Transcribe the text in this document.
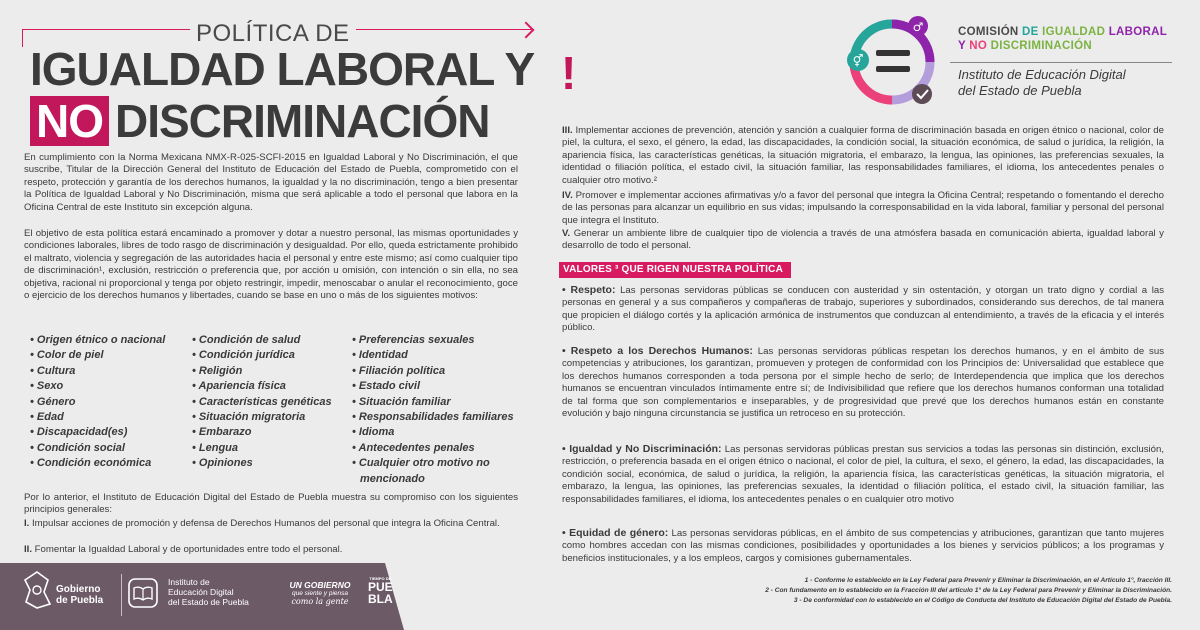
POLÍTICA DE
IGUALDAD LABORAL Y
NO DISCRIMINACIÓN
!	⚥
♂	COMISIÓN DE IGUALDAD LABORAL
Y NO DISCRIMINACIÓN
Instituto de Educación Digital
del Estado de Puebla
En cumplimiento con la Norma Mexicana NMX-R-025-SCFI-2015 en Igualdad Laboral y No Discriminación, el que suscribe, Titular de la Dirección General del Instituto de Educación del Estado de Puebla, comprometido con el respeto, protección y garantía de los derechos humanos, la igualdad y la no discriminación, tengo a bien presentar la Política de Igualdad Laboral y No Discriminación, misma que será aplicable a todo el personal que labora en la Oficina Central de este Instituto sin excepción alguna.
El objetivo de esta política estará encaminado a promover y dotar a nuestro personal, las mismas oportunidades y condiciones laborales, libres de todo rasgo de discriminación y desigualdad. Por ello, queda estrictamente prohibido el maltrato, violencia y segregación de las autoridades hacia el personal y entre este mismo; así como cualquier tipo de discriminación¹, exclusión, restricción o preferencia que, por acción u omisión, con intención o sin ella, no sea objetiva, racional ni proporcional y tenga por objeto restringir, impedir, menoscabar o anular el reconocimiento, goce o ejercicio de los derechos humanos y libertades, cuando se base en uno o más de los siguientes motivos:
• Origen étnico o nacional
• Color de piel
• Cultura
• Sexo
• Género
• Edad
• Discapacidad(es)
• Condición social
• Condición económica
• Condición de salud
• Condición jurídica
• Religión
• Apariencia física
• Características genéticas
• Situación migratoria
• Embarazo
• Lengua
• Opiniones
• Preferencias sexuales
• Identidad
• Filiación política
• Estado civil
• Situación familiar
• Responsabilidades familiares
• Idioma
• Antecedentes penales
• Cualquier otro motivo no
mencionado
Por lo anterior, el Instituto de Educación Digital del Estado de Puebla muestra su compromiso con los siguientes principios generales:
I. Impulsar acciones de promoción y defensa de Derechos Humanos del personal que integra la Oficina Central.
II. Fomentar la Igualdad Laboral y de oportunidades entre todo el personal.
III. Implementar acciones de prevención, atención y sanción a cualquier forma de discriminación basada en origen étnico o nacional, color de piel, la cultura, el sexo, el género, la edad, las discapacidades, la condición social, la situación económica, de salud o jurídica, la religión, la apariencia física, las características genéticas, la situación migratoria, el embarazo, la lengua, las opiniones, las preferencias sexuales, la identidad o filiación política, el estado civil, la situación familiar, las responsabilidades familiares, el idioma, los antecedentes penales o cualquier otro motivo.²
IV. Promover e implementar acciones afirmativas y/o a favor del personal que integra la Oficina Central; respetando o fomentando el derecho de las personas para alcanzar un equilibrio en sus vidas; impulsando la corresponsabilidad en la vida laboral, familiar y personal del personal que integra el Instituto.
V. Generar un ambiente libre de cualquier tipo de violencia a través de una atmósfera basada en comunicación abierta, igualdad laboral y desarrollo de todo el personal.
VALORES ³ QUE RIGEN NUESTRA POLÍTICA
• Respeto: Las personas servidoras públicas se conducen con austeridad y sin ostentación, y otorgan un trato digno y cordial a las personas en general y a sus compañeros y compañeras de trabajo, superiores y subordinados, considerando sus derechos, de tal manera que propicien el diálogo cortés y la aplicación armónica de instrumentos que conduzcan al entendimiento, a través de la eficacia y el interés público.
• Respeto a los Derechos Humanos: Las personas servidoras públicas respetan los derechos humanos, y en el ámbito de sus competencias y atribuciones, los garantizan, promueven y protegen de conformidad con los Principios de: Universalidad que establece que los derechos humanos corresponden a toda persona por el simple hecho de serlo; de Interdependencia que implica que los derechos humanos se encuentran vinculados íntimamente entre sí; de Indivisibilidad que refiere que los derechos humanos conforman una totalidad de tal forma que son complementarios e inseparables, y de progresividad que prevé que los derechos humanos están en constante evolución y bajo ninguna circunstancia se justifica un retroceso en su protección.
• Igualdad y No Discriminación: Las personas servidoras públicas prestan sus servicios a todas las personas sin distinción, exclusión, restricción, o preferencia basada en el origen étnico o nacional, el color de piel, la cultura, el sexo, el género, la edad, las discapacidades, la condición social, económica, de salud o jurídica, la religión, la apariencia física, las características genéticas, la situación migratoria, el embarazo, la lengua, las opiniones, las preferencias sexuales, la identidad o filiación política, el estado civil, la situación familiar, las responsabilidades familiares, el idioma, los antecedentes penales o en cualquier otro motivo
• Equidad de género: Las personas servidoras públicas, en el ámbito de sus competencias y atribuciones, garantizan que tanto mujeres como hombres accedan con las mismas condiciones, posibilidades y oportunidades a los bienes y servicios públicos; a los programas y beneficios institucionales, y a los empleos, cargos y comisiones gubernamentales.
1 - Conforme lo establecido en la Ley Federal para Prevenir y Eliminar la Discriminación, en el Artículo 1°, fracción III.
2 - Con fundamento en lo establecido en la Fracción III del artículo 1° de la Ley Federal para Prevenir y Eliminar la Discriminación.
3 - De conformidad con lo establecido en el Código de Conducta del Instituto de Educación Digital del Estado de Puebla.
Gobierno
de Puebla
Instituto de
Educación Digital
del Estado de Puebla
UN GOBIERNO
que siente y piensa
como la gente
TIEMPO DE
PUE
BLA
